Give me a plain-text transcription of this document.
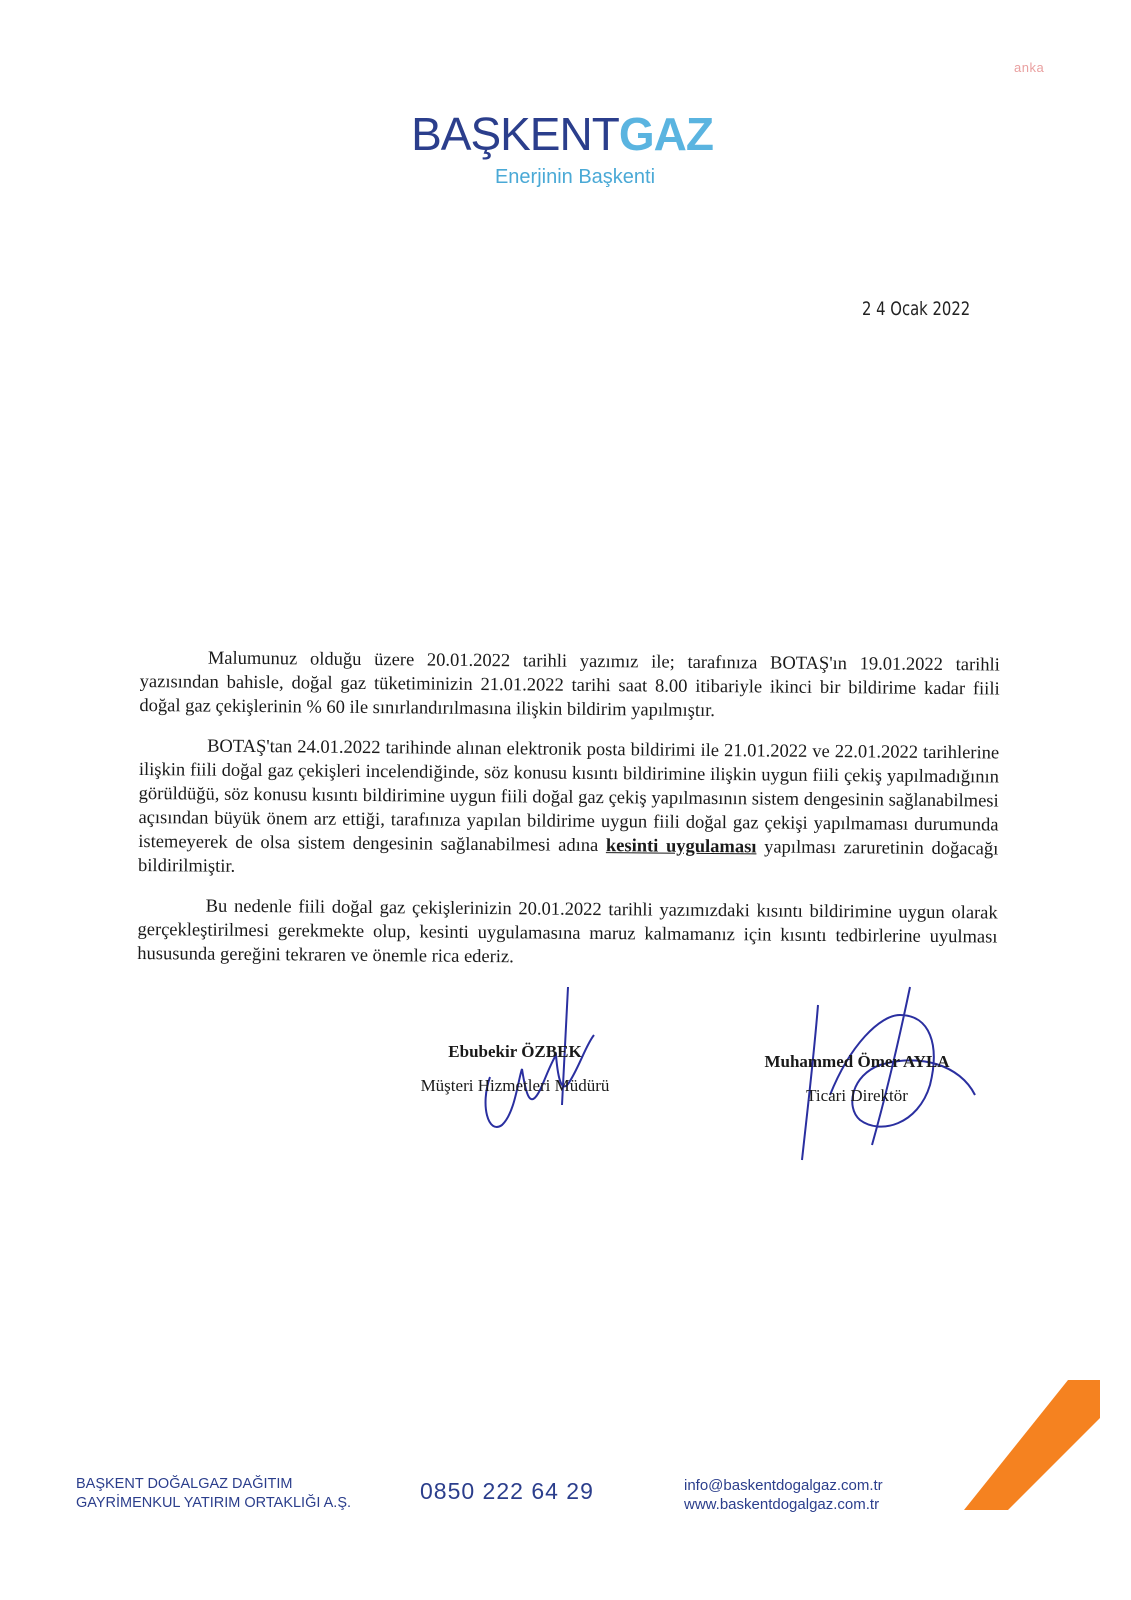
anka
BAŞKENTGAZ
Enerjinin Başkenti
2 4 Ocak 2022

Malumunuz olduğu üzere 20.01.2022 tarihli yazımız ile; tarafınıza BOTAŞ'ın 19.01.2022 tarihli yazısından bahisle, doğal gaz tüketiminizin 21.01.2022 tarihi saat 8.00 itibariyle ikinci bir bildirime kadar fiili doğal gaz çekişlerinin % 60 ile sınırlandırılmasına ilişkin bildirim yapılmıştır.

BOTAŞ'tan 24.01.2022 tarihinde alınan elektronik posta bildirimi ile 21.01.2022 ve 22.01.2022 tarihlerine ilişkin fiili doğal gaz çekişleri incelendiğinde, söz konusu kısıntı bildirimine ilişkin uygun fiili çekiş yapılmadığının görüldüğü, söz konusu kısıntı bildirimine uygun fiili doğal gaz çekiş yapılmasının sistem dengesinin sağlanabilmesi açısından büyük önem arz ettiği, tarafınıza yapılan bildirime uygun fiili doğal gaz çekişi yapılmaması durumunda istemeyerek de olsa sistem dengesinin sağlanabilmesi adına kesinti uygulaması yapılması zaruretinin doğacağı bildirilmiştir.

Bu nedenle fiili doğal gaz çekişlerinizin 20.01.2022 tarihli yazımızdaki kısıntı bildirimine uygun olarak gerçekleştirilmesi gerekmekte olup, kesinti uygulamasına maruz kalmamanız için kısıntı tedbirlerine uyulması hususunda gereğini tekraren ve önemle rica ederiz.

Ebubekir ÖZBEK
Müşteri Hizmetleri Müdürü
Muhammed Ömer AYLA
Ticari Direktör
BAŞKENT DOĞALGAZ DAĞITIM
GAYRİMENKUL YATIRIM ORTAKLIĞI A.Ş.	0850 222 64 29	info@baskentdogalgaz.com.tr
www.baskentdogalgaz.com.tr
